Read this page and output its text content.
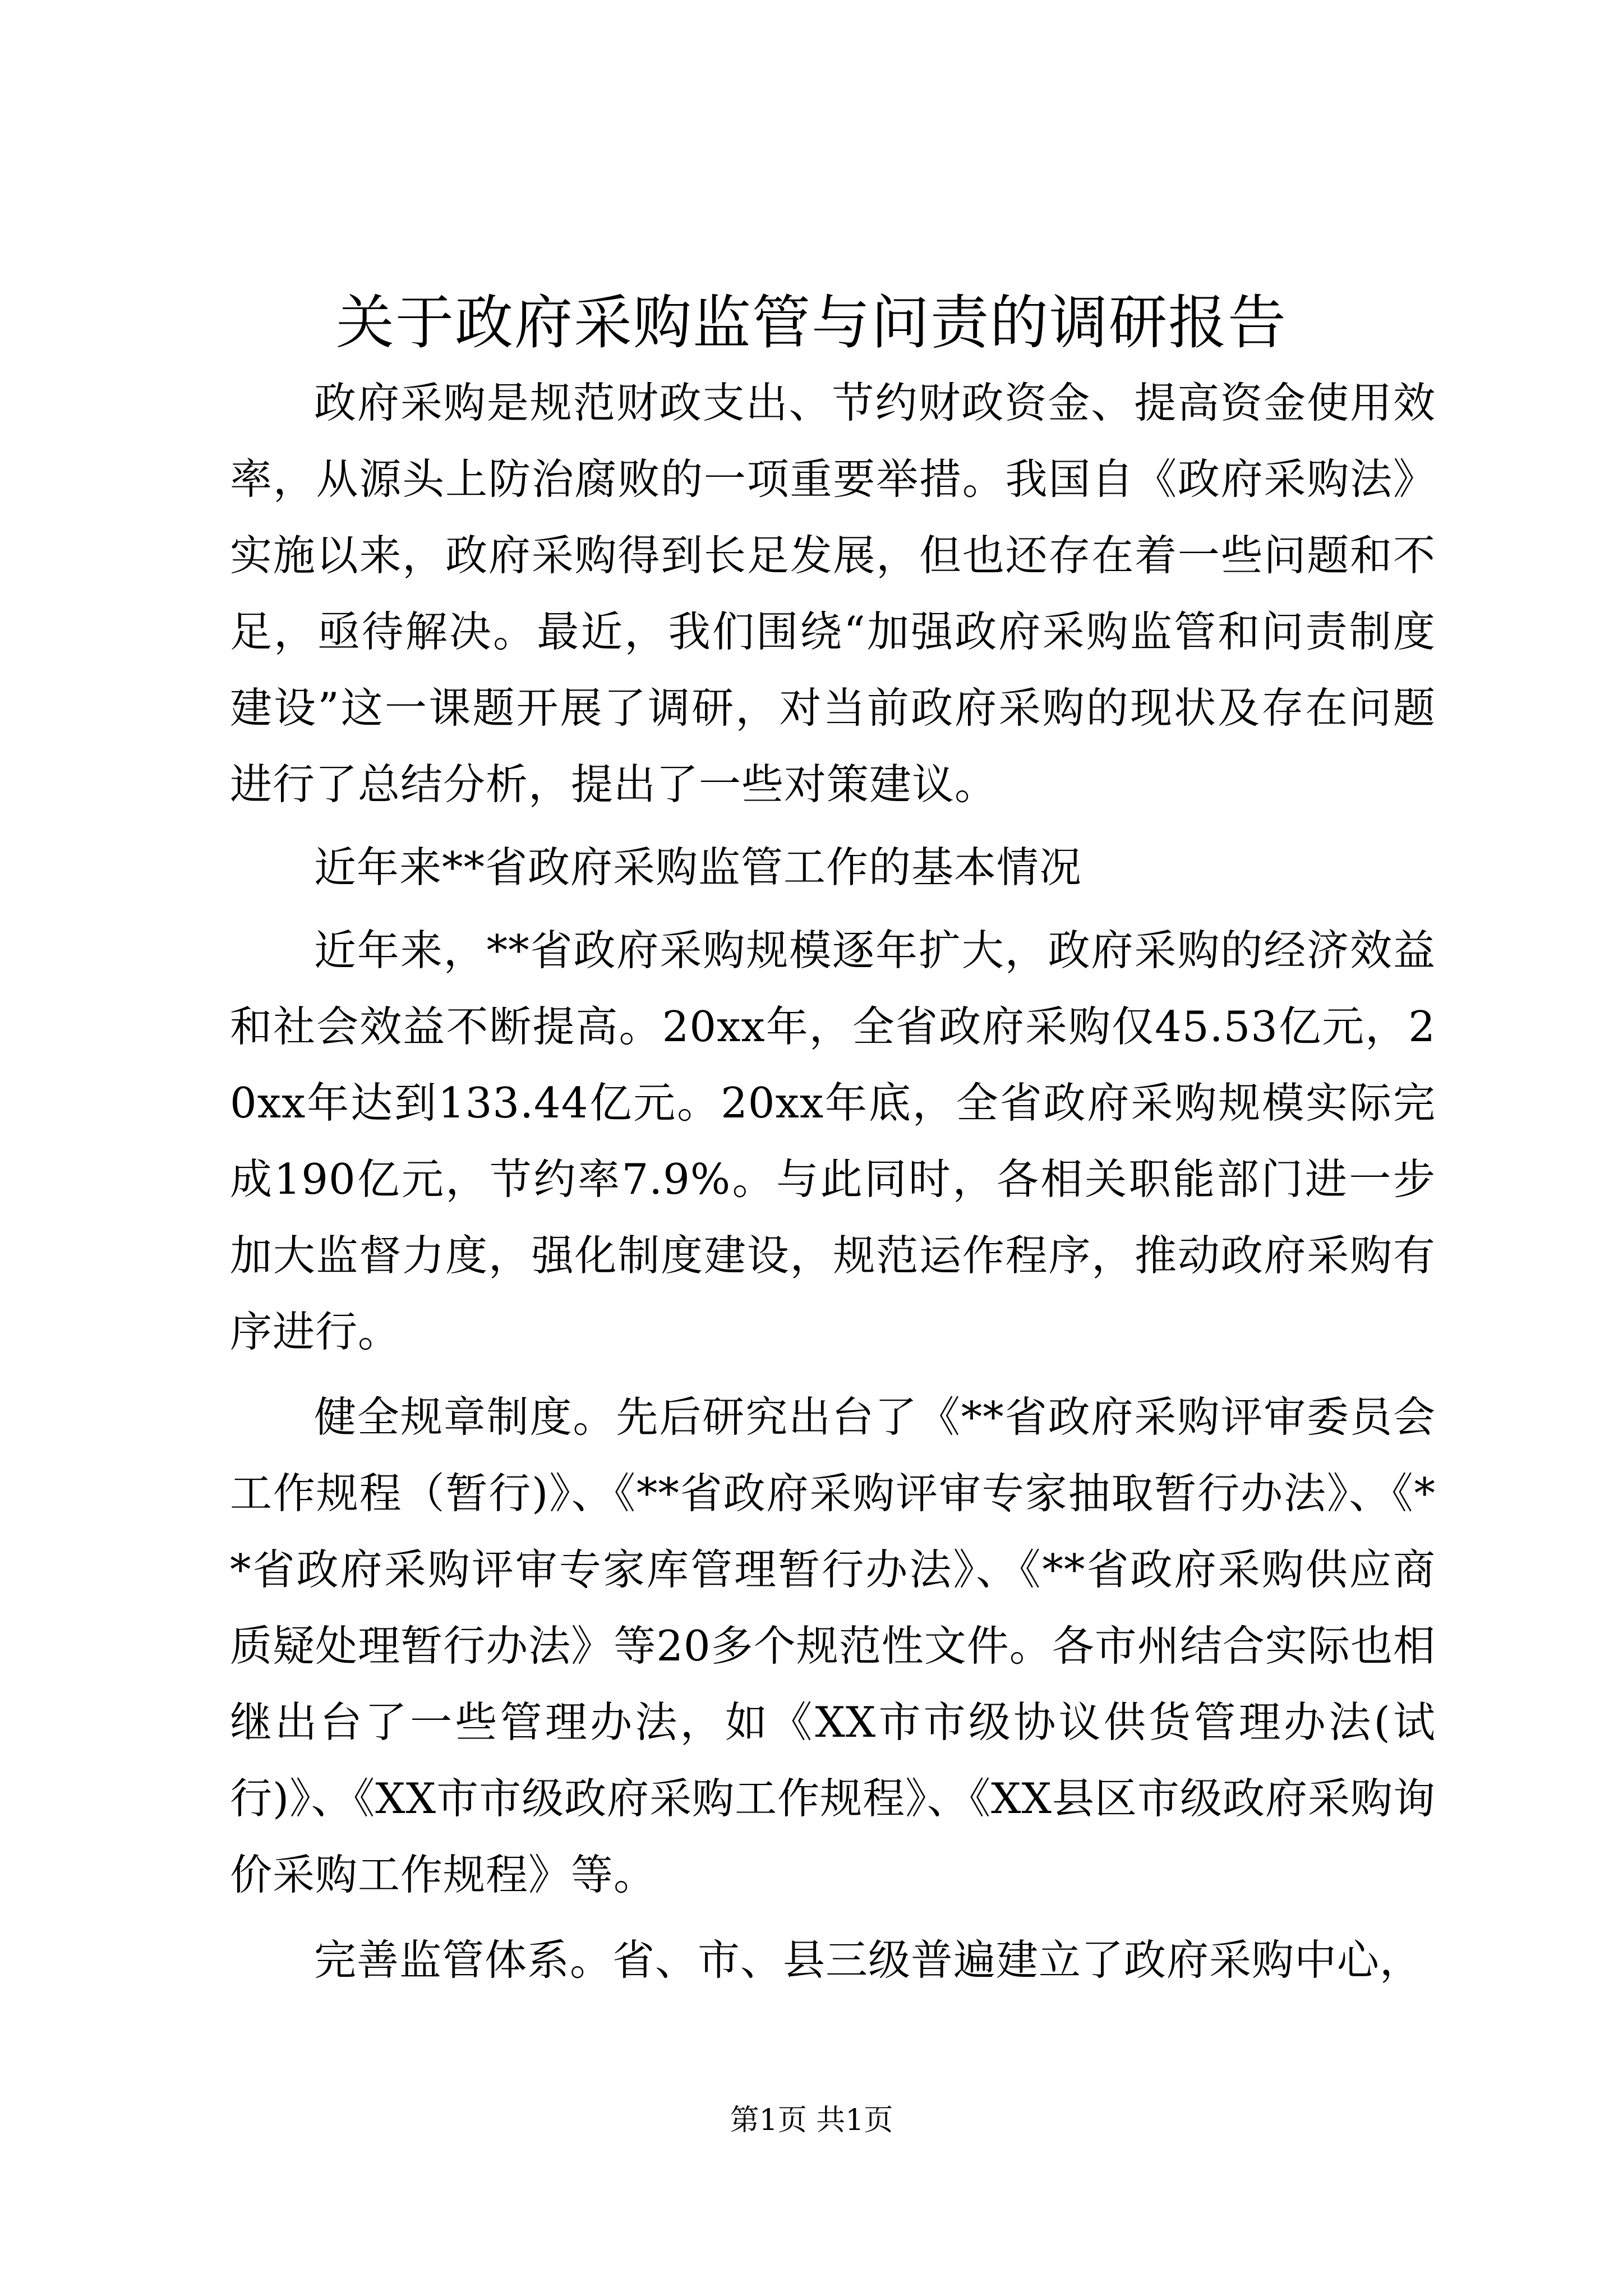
关于政府采购监管与问责的调研报告

政府采购是规范财政支出、节约财政资金、提高资金使用效率，从源头上防治腐败的一项重要举措。我国自《政府采购法》实施以来，政府采购得到长足发展，但也还存在着一些问题和不足，亟待解决。最近，我们围绕“加强政府采购监管和问责制度建设”这一课题开展了调研，对当前政府采购的现状及存在问题进行了总结分析，提出了一些对策建议。

近年来**省政府采购监管工作的基本情况

近年来，**省政府采购规模逐年扩大，政府采购的经济效益和社会效益不断提高。20xx年，全省政府采购仅45.53亿元，20xx年达到133.44亿元。20xx年底，全省政府采购规模实际完成190亿元，节约率7.9%。与此同时，各相关职能部门进一步加大监督力度，强化制度建设，规范运作程序，推动政府采购有序进行。

健全规章制度。先后研究出台了《**省政府采购评审委员会工作规程（暂行)》、《**省政府采购评审专家抽取暂行办法》、《**省政府采购评审专家库管理暂行办法》、《**省政府采购供应商质疑处理暂行办法》等20多个规范性文件。各市州结合实际也相继出台了一些管理办法，如《XX市市级协议供货管理办法(试行)》、《XX市市级政府采购工作规程》、《XX县区市级政府采购询价采购工作规程》等。

完善监管体系。省、市、县三级普遍建立了政府采购中心，

第1页 共1页
